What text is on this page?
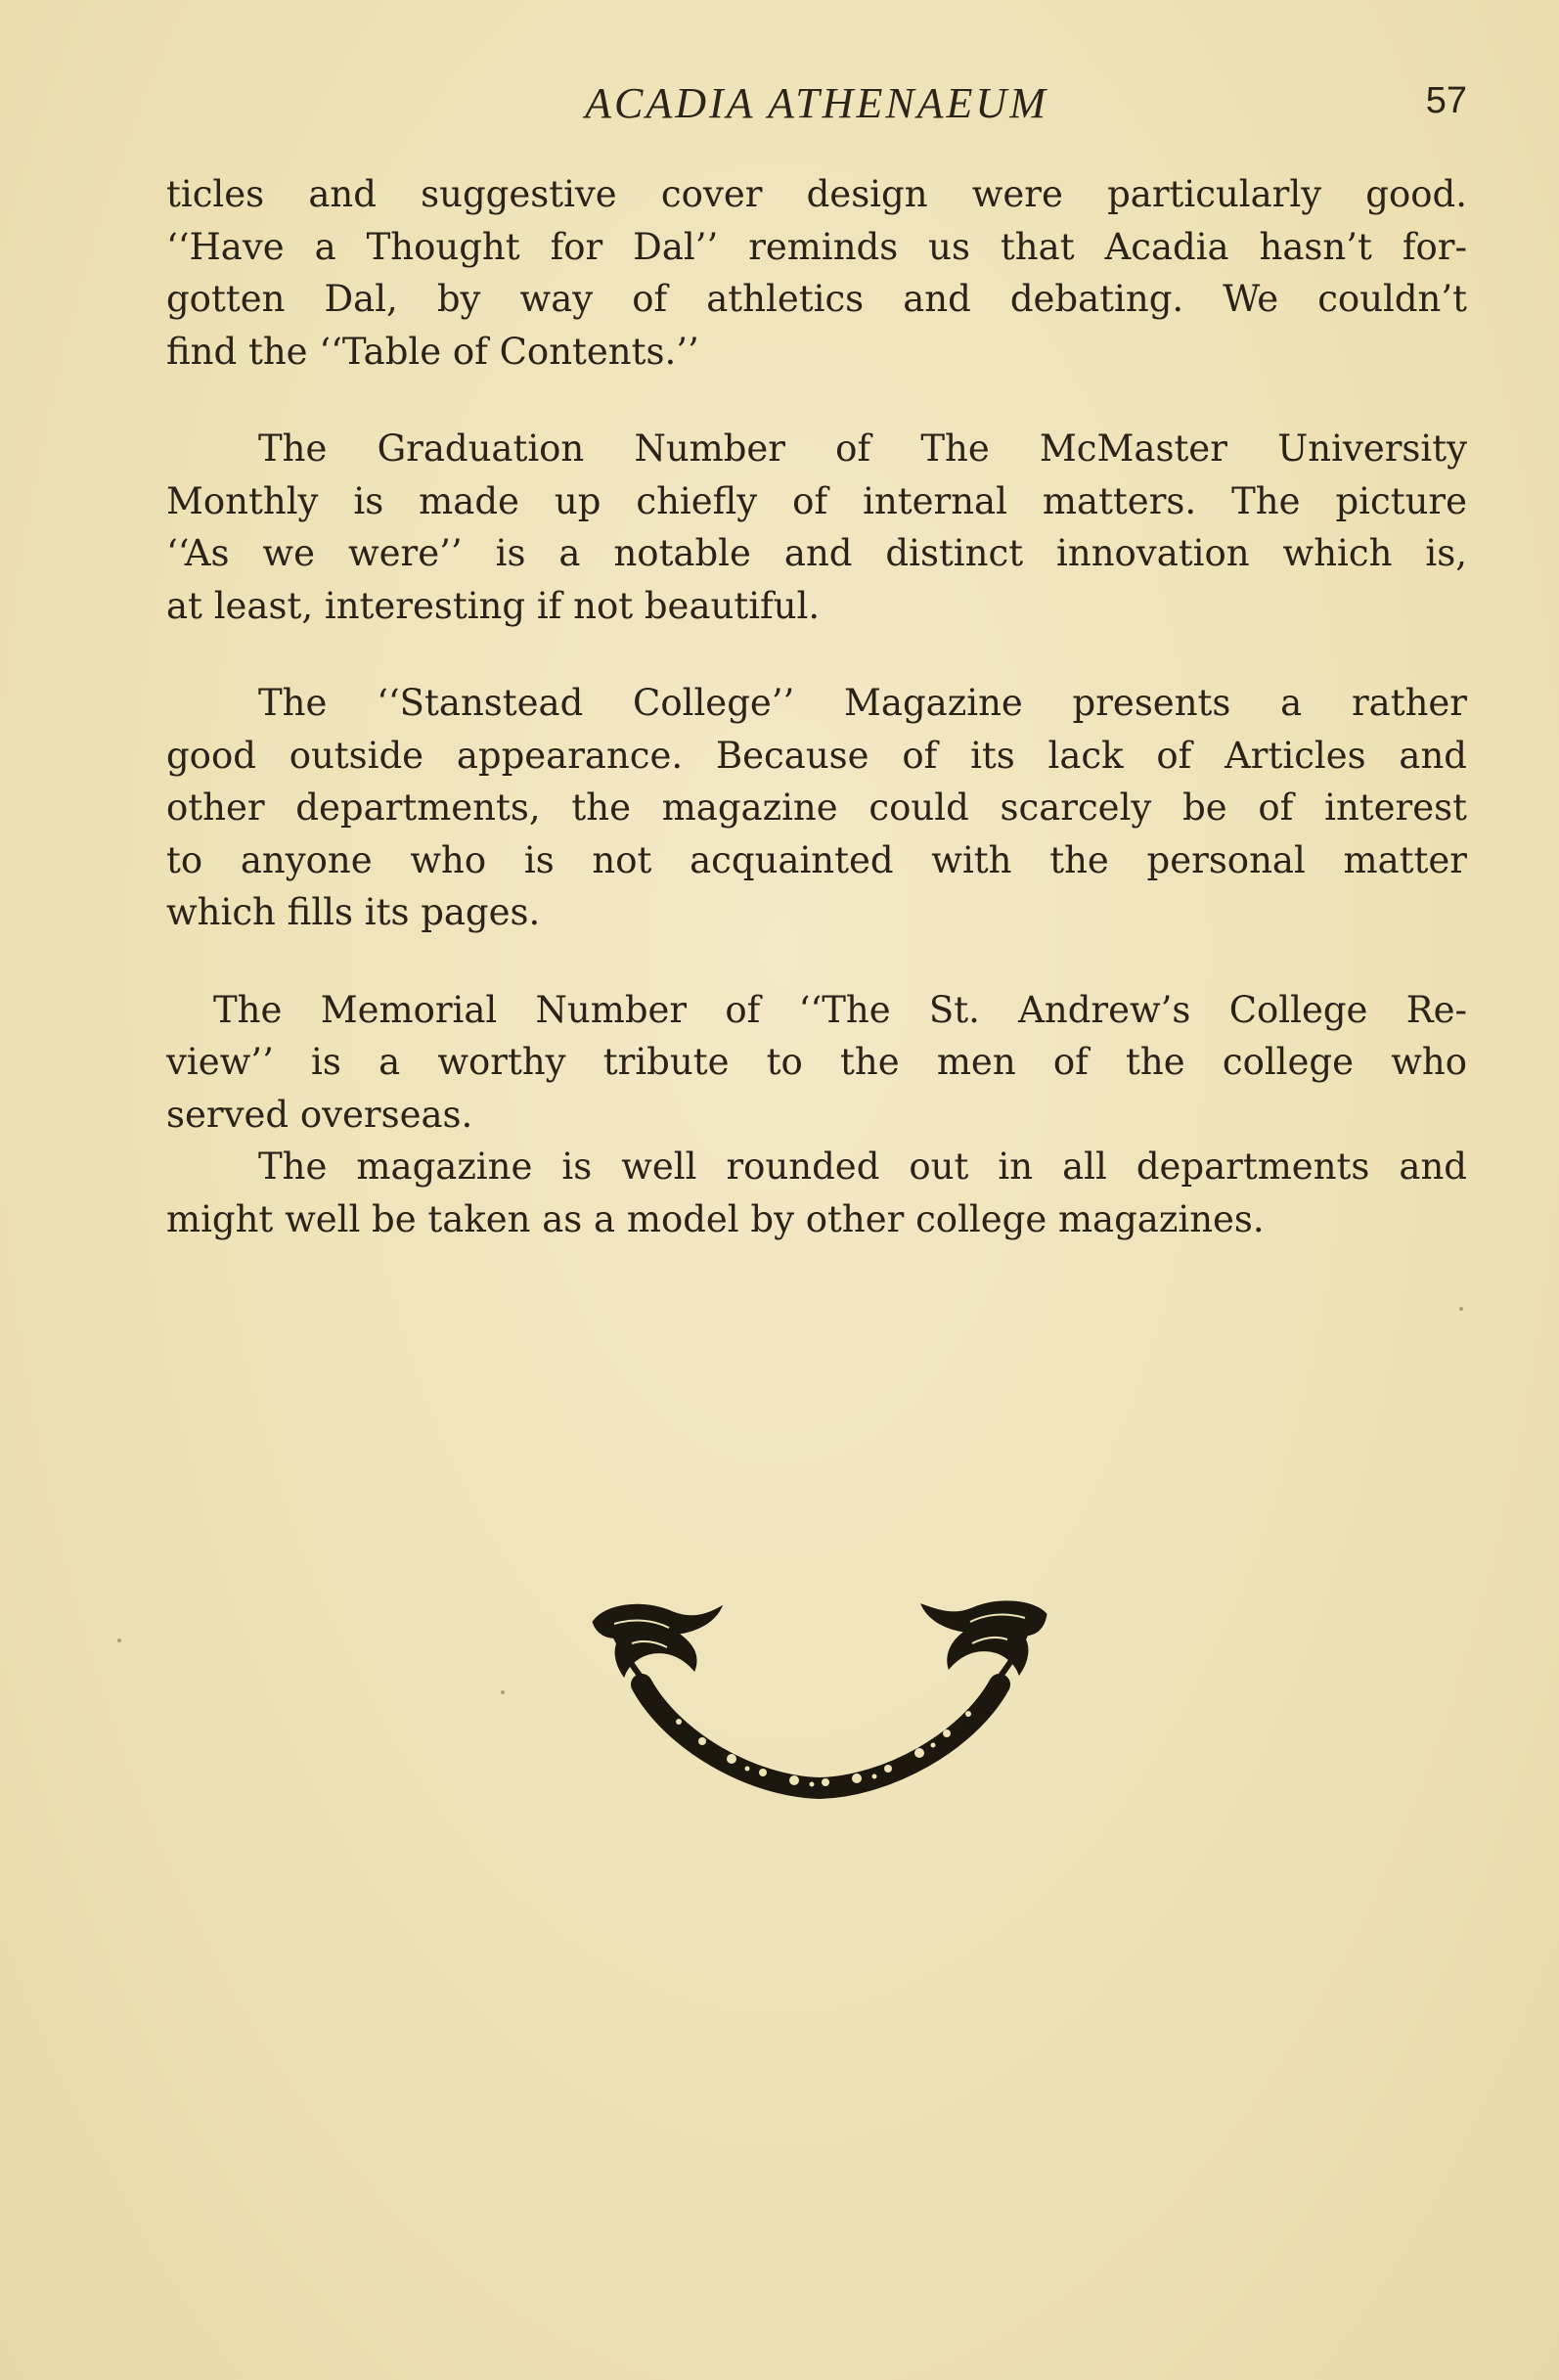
ACADIA ATHENAEUM	57
ticles and suggestive cover design were particularly good.
‘‘Have a Thought for Dal’’ reminds us that Acadia hasn’t for-
gotten Dal, by way of athletics and debating. We couldn’t
find the ‘‘Table of Contents.’’
The Graduation Number of The McMaster University
Monthly is made up chiefly of internal matters. The picture
‘‘As we were’’ is a notable and distinct innovation which is,
at least, interesting if not beautiful.
The ‘‘Stanstead College’’ Magazine presents a rather
good outside appearance. Because of its lack of Articles and
other departments, the magazine could scarcely be of interest
to anyone who is not acquainted with the personal matter
which fills its pages.
The Memorial Number of ‘‘The St. Andrew’s College Re-
view’’ is a worthy tribute to the men of the college who
served overseas.
The magazine is well rounded out in all departments and
might well be taken as a model by other college magazines.
